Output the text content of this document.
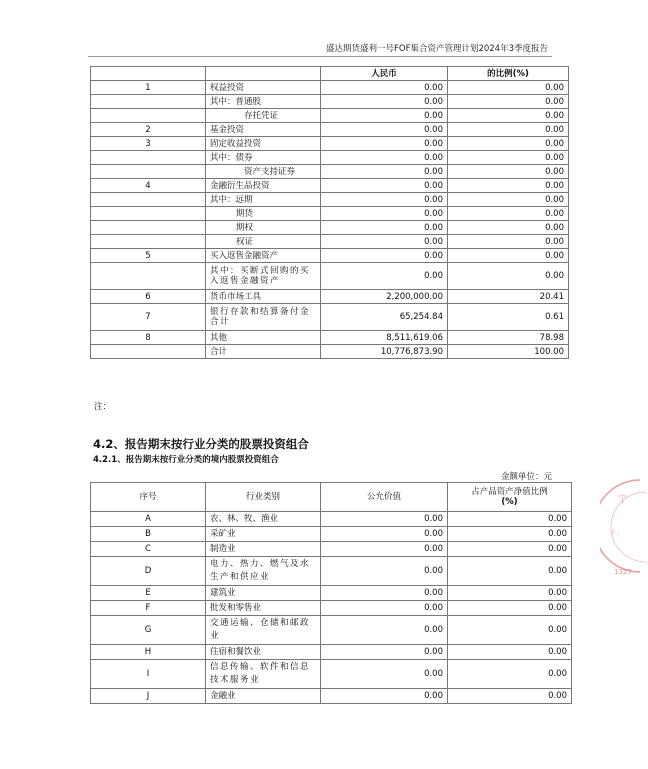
盛达期货盛利一号FOF集合资产管理计划2024年3季度报告
		人民币	的比例(%)
1	权益投资	0.00	0.00
	其中：普通股	0.00	0.00
	存托凭证	0.00	0.00
2	基金投资	0.00	0.00
3	固定收益投资	0.00	0.00
	其中：债券	0.00	0.00
	资产支持证券	0.00	0.00
4	金融衍生品投资	0.00	0.00
	其中：远期	0.00	0.00
	期货	0.00	0.00
	期权	0.00	0.00
	权证	0.00	0.00
5	买入返售金融资产	0.00	0.00
	其中：买断式回购的买入返售金融资产	0.00	0.00
6	货币市场工具	2,200,000.00	20.41
7	银行存款和结算备付金合计	65,254.84	0.61
8	其他	8,511,619.06	78.98
	合计	10,776,873.90	100.00
注：
4.2、报告期末按行业分类的股票投资组合
4.2.1、报告期末按行业分类的境内股票投资组合
金额单位：元
序号	行业类别	公允价值	占产品资产净值比例
(%)

A	农、林、牧、渔业	0.00	0.00
B	采矿业	0.00	0.00
C	制造业	0.00	0.00
D	电力、热力、燃气及水生产和供应业	0.00	0.00
E	建筑业	0.00	0.00
F	批发和零售业	0.00	0.00
G	交通运输、仓储和邮政业	0.00	0.00
H	住宿和餐饮业	0.00	0.00
I	信息传输、软件和信息技术服务业	0.00	0.00
J	金融业	0.00	0.00
宁
/ 、
1327
